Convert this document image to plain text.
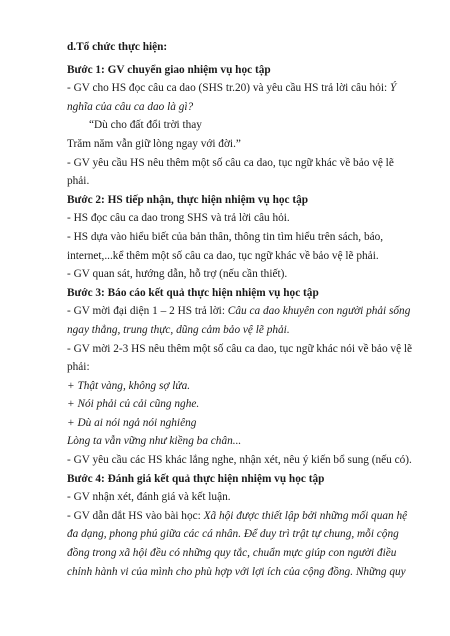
d.Tổ chức thực hiện:

Bước 1: GV chuyển giao nhiệm vụ học tập

- GV cho HS đọc câu ca dao (SHS tr.20) và yêu cầu HS trả lời câu hỏi: Ý

nghĩa của câu ca dao là gì?

“Dù cho đất đổi trời thay

Trăm năm vẫn giữ lòng ngay với đời.”

- GV yêu cầu HS nêu thêm một số câu ca dao, tục ngữ khác về bảo vệ lẽ

phải.

Bước 2: HS tiếp nhận, thực hiện nhiệm vụ học tập

- HS đọc câu ca dao trong SHS và trả lời câu hỏi.

- HS dựa vào hiểu biết của bản thân, thông tin tìm hiểu trên sách, báo,

internet,...kể thêm một số câu ca dao, tục ngữ khác về bảo vệ lẽ phải.

- GV quan sát, hướng dẫn, hỗ trợ (nếu cần thiết).

Bước 3: Báo cáo kết quả thực hiện nhiệm vụ học tập

- GV mời đại diện 1 – 2 HS trả lời: Câu ca dao khuyên con người phải sống

ngay thẳng, trung thực, dũng cảm bảo vệ lẽ phải.

- GV mời 2-3 HS nêu thêm một số câu ca dao, tục ngữ khác nói về bảo vệ lẽ

phải:

+ Thật vàng, không sợ lửa.

+ Nói phải củ cải cũng nghe.

+ Dù ai nói ngả nói nghiêng

Lòng ta vẫn vững như kiềng ba chân...

- GV yêu cầu các HS khác lắng nghe, nhận xét, nêu ý kiến bổ sung (nếu có).

Bước 4: Đánh giá kết quả thực hiện nhiệm vụ học tập

- GV nhận xét, đánh giá và kết luận.

- GV dẫn dắt HS vào bài học: Xã hội được thiết lập bởi những mối quan hệ

đa dạng, phong phú giữa các cá nhân. Để duy trì trật tự chung, mỗi cộng

đồng trong xã hội đều có những quy tắc, chuẩn mực giúp con người điều

chỉnh hành vi của mình cho phù hợp với lợi ích của cộng đồng. Những quy
